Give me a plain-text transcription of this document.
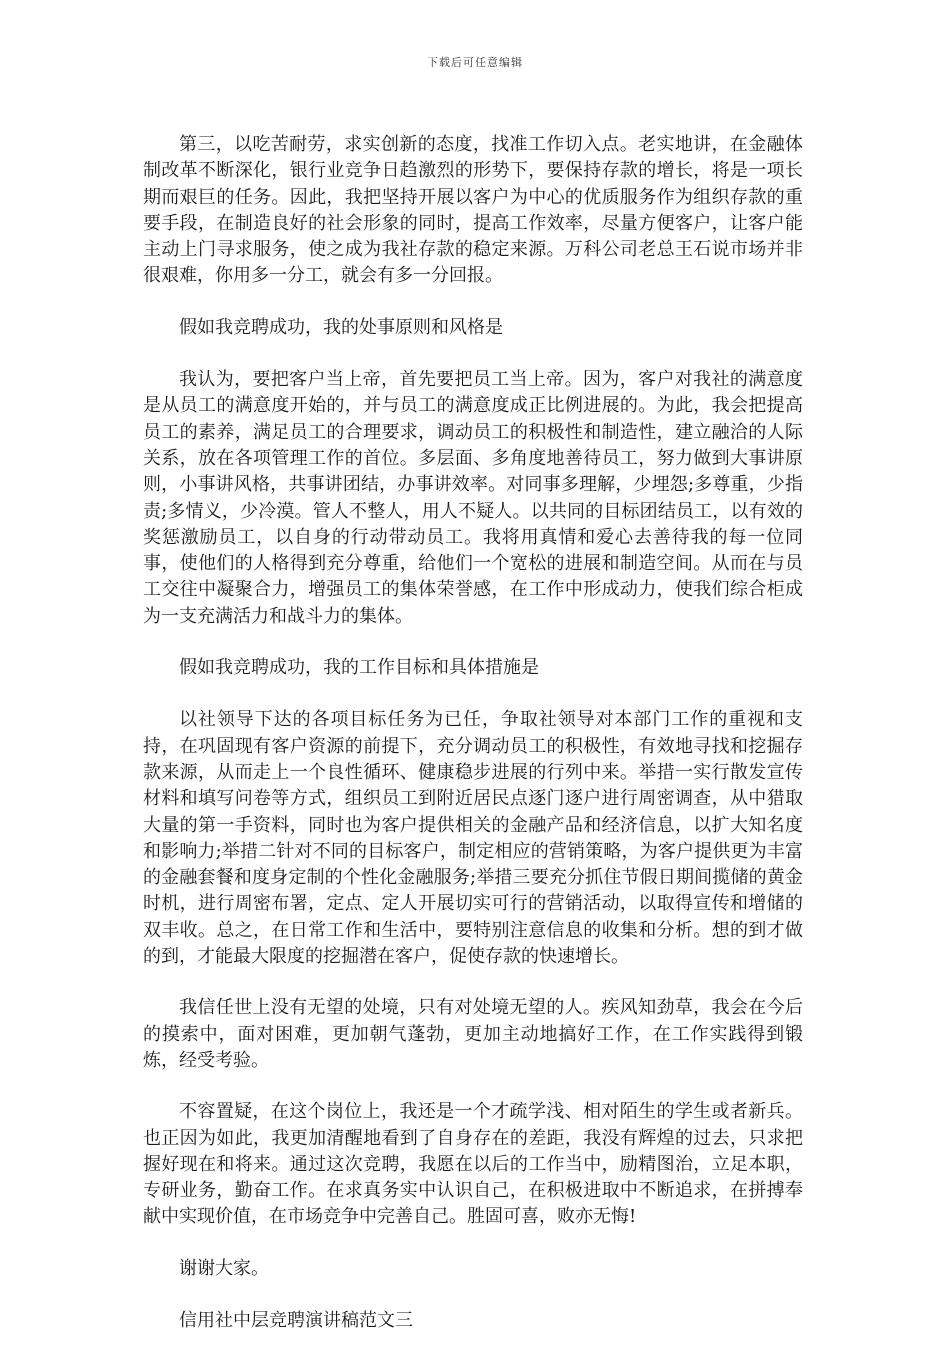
下载后可任意编辑

第三，以吃苦耐劳，求实创新的态度，找准工作切入点。老实地讲，在金融体制改革不断深化，银行业竞争日趋激烈的形势下，要保持存款的增长，将是一项长期而艰巨的任务。因此，我把坚持开展以客户为中心的优质服务作为组织存款的重要手段，在制造良好的社会形象的同时，提高工作效率，尽量方便客户，让客户能主动上门寻求服务，使之成为我社存款的稳定来源。万科公司老总王石说市场并非很艰难，你用多一分工，就会有多一分回报。

假如我竞聘成功，我的处事原则和风格是

我认为，要把客户当上帝，首先要把员工当上帝。因为，客户对我社的满意度是从员工的满意度开始的，并与员工的满意度成正比例进展的。为此，我会把提高员工的素养，满足员工的合理要求，调动员工的积极性和制造性，建立融洽的人际关系，放在各项管理工作的首位。多层面、多角度地善待员工，努力做到大事讲原则，小事讲风格，共事讲团结，办事讲效率。对同事多理解，少埋怨;多尊重，少指责;多情义，少冷漠。管人不整人，用人不疑人。以共同的目标团结员工，以有效的奖惩激励员工，以自身的行动带动员工。我将用真情和爱心去善待我的每一位同事，使他们的人格得到充分尊重，给他们一个宽松的进展和制造空间。从而在与员工交往中凝聚合力，增强员工的集体荣誉感，在工作中形成动力，使我们综合柜成为一支充满活力和战斗力的集体。

假如我竞聘成功，我的工作目标和具体措施是

以社领导下达的各项目标任务为已任，争取社领导对本部门工作的重视和支持，在巩固现有客户资源的前提下，充分调动员工的积极性，有效地寻找和挖掘存款来源，从而走上一个良性循环、健康稳步进展的行列中来。举措一实行散发宣传材料和填写问卷等方式，组织员工到附近居民点逐门逐户进行周密调查，从中猎取大量的第一手资料，同时也为客户提供相关的金融产品和经济信息，以扩大知名度和影响力;举措二针对不同的目标客户，制定相应的营销策略，为客户提供更为丰富的金融套餐和度身定制的个性化金融服务;举措三要充分抓住节假日期间揽储的黄金时机，进行周密布署，定点、定人开展切实可行的营销活动，以取得宣传和增储的双丰收。总之，在日常工作和生活中，要特别注意信息的收集和分析。想的到才做的到，才能最大限度的挖掘潜在客户，促使存款的快速增长。

我信任世上没有无望的处境，只有对处境无望的人。疾风知劲草，我会在今后的摸索中，面对困难，更加朝气蓬勃，更加主动地搞好工作，在工作实践得到锻炼，经受考验。

不容置疑，在这个岗位上，我还是一个才疏学浅、相对陌生的学生或者新兵。也正因为如此，我更加清醒地看到了自身存在的差距，我没有辉煌的过去，只求把握好现在和将来。通过这次竞聘，我愿在以后的工作当中，励精图治，立足本职，专研业务，勤奋工作。在求真务实中认识自己，在积极进取中不断追求，在拼搏奉献中实现价值，在市场竞争中完善自己。胜固可喜，败亦无悔!

谢谢大家。

信用社中层竞聘演讲稿范文三
